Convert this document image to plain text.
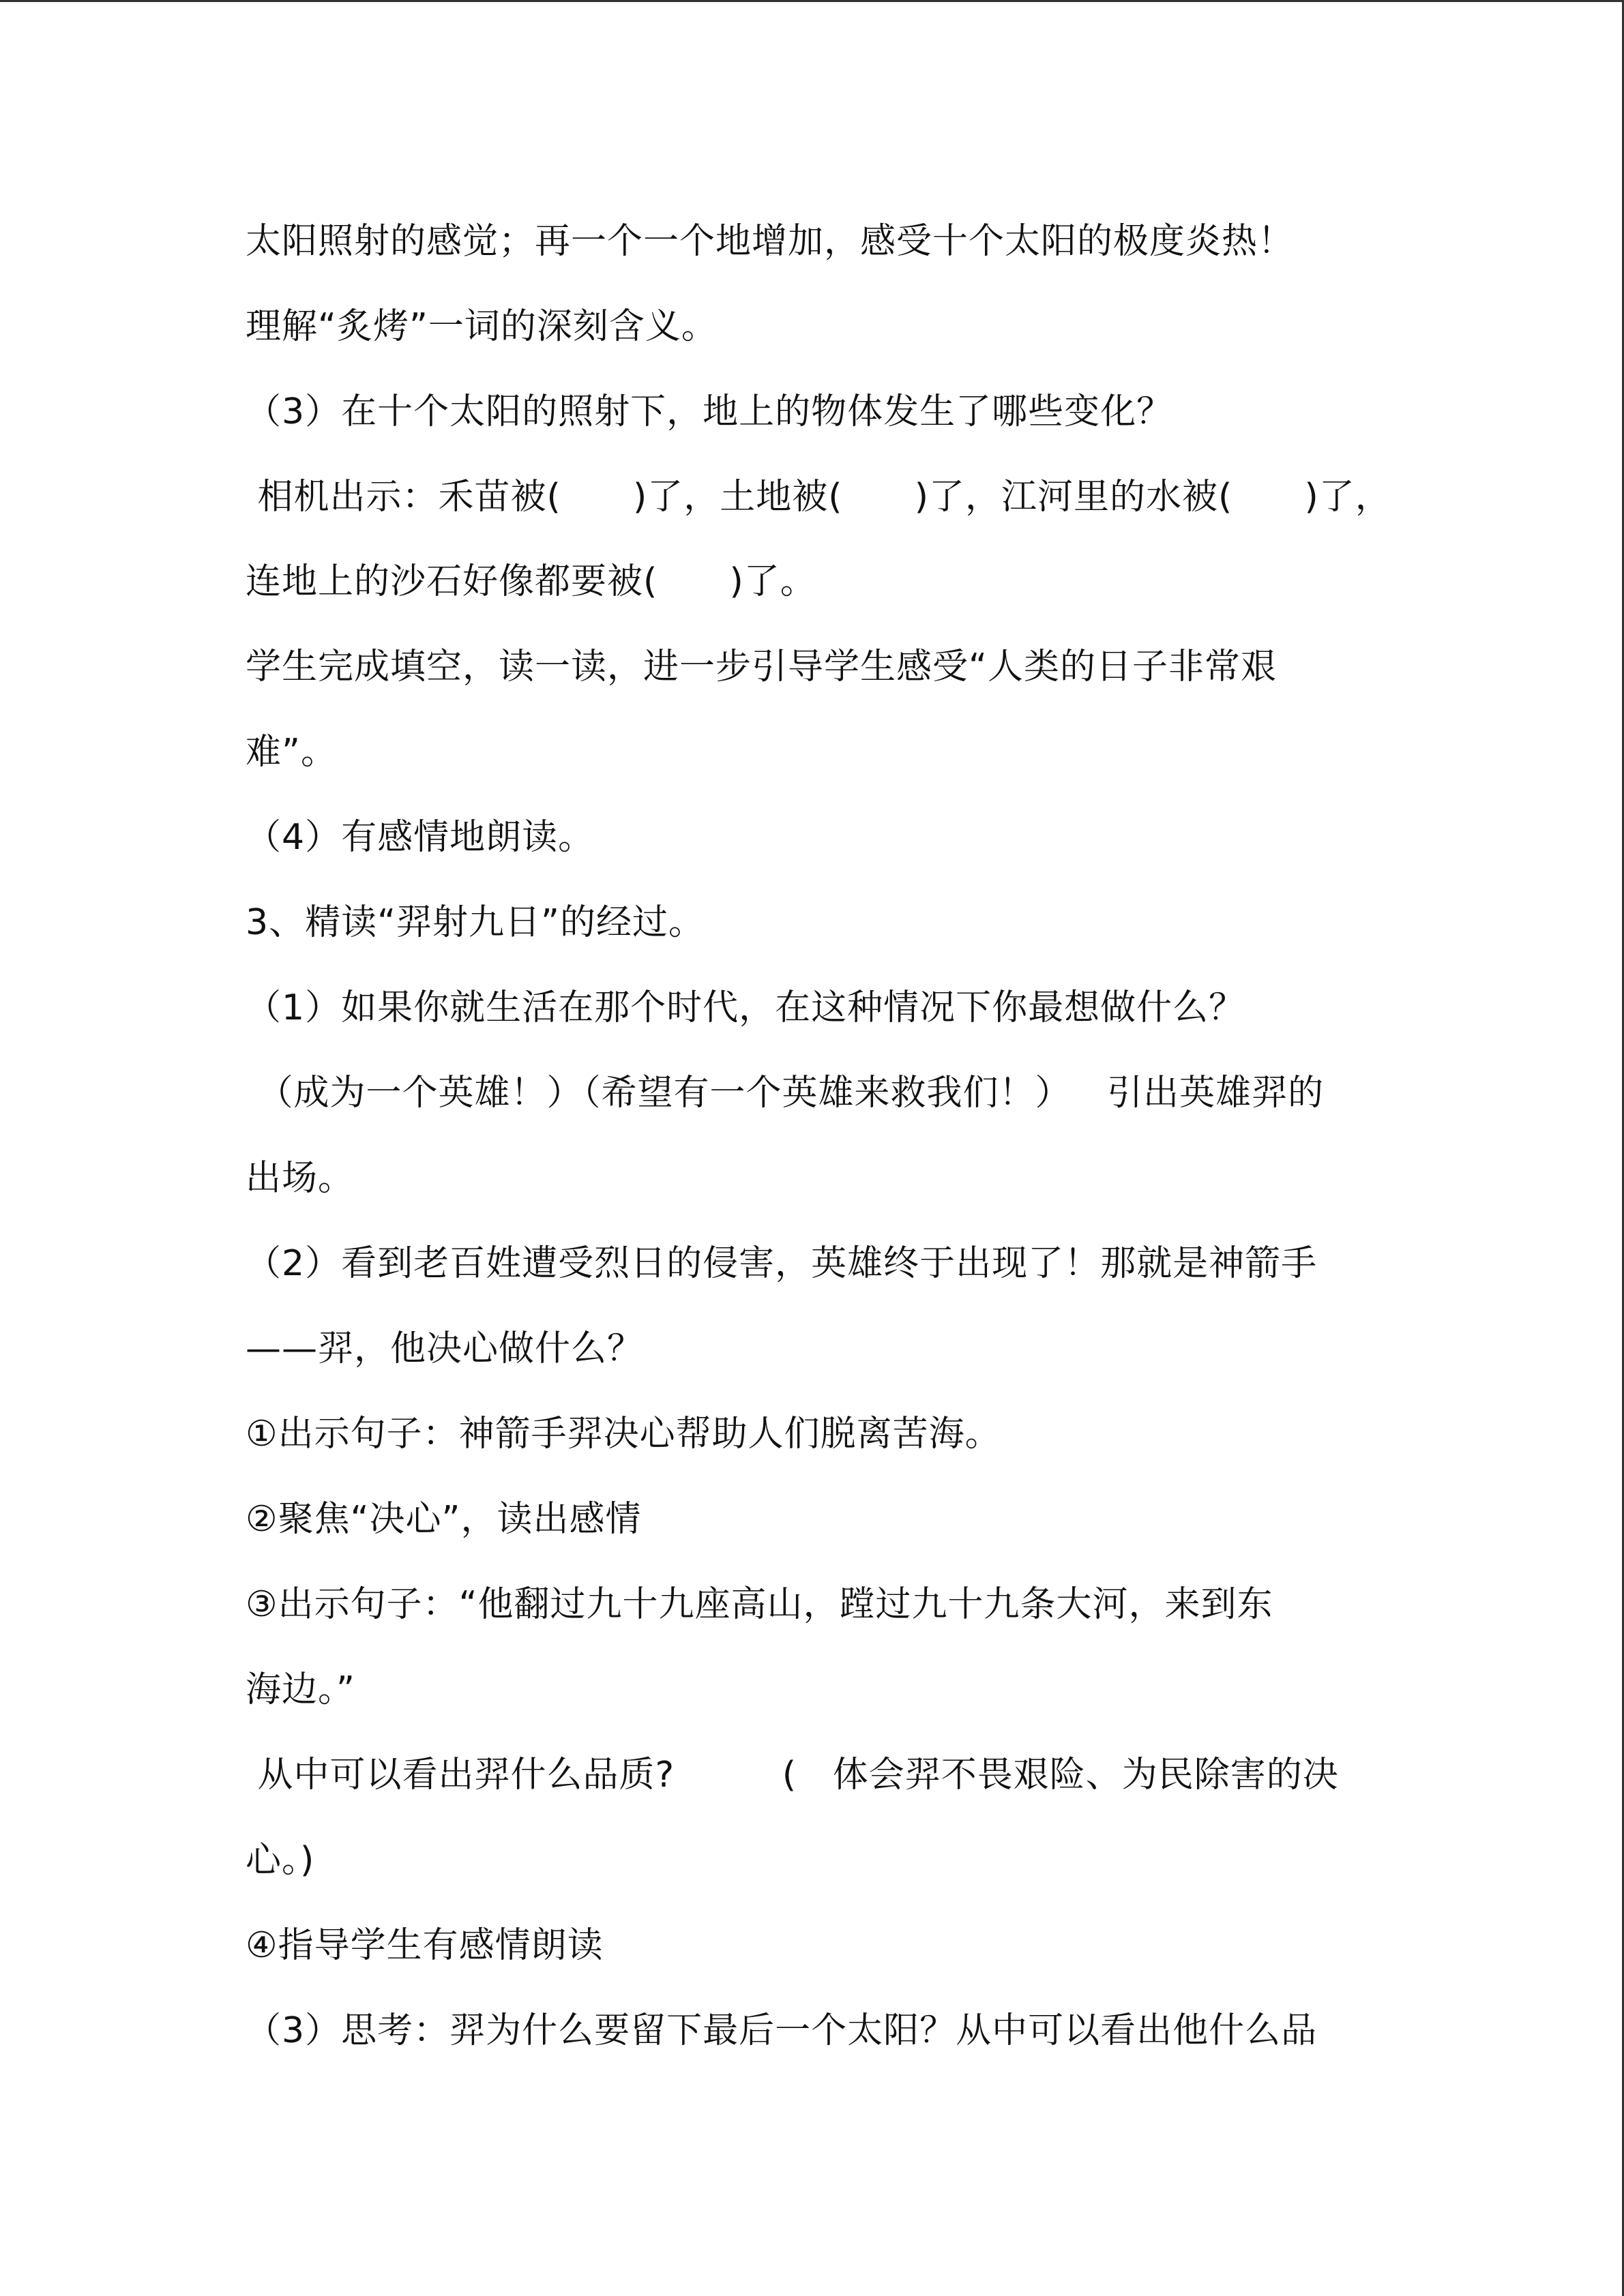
太阳照射的感觉；再一个一个地增加，感受十个太阳的极度炎热！
理解“炙烤”一词的深刻含义。
（3）在十个太阳的照射下，地上的物体发生了哪些变化？
相机出示：禾苗被(      )了，土地被(      )了，江河里的水被(      )了，
连地上的沙石好像都要被(      )了。
学生完成填空，读一读，进一步引导学生感受“人类的日子非常艰
难”。
（4）有感情地朗读。
3、精读“羿射九日”的经过。
（1）如果你就生活在那个时代，在这种情况下你最想做什么？
（成为一个英雄！）（希望有一个英雄来救我们！）   引出英雄羿的
出场。
（2）看到老百姓遭受烈日的侵害，英雄终于出现了！那就是神箭手
——羿，他决心做什么？
①出示句子：神箭手羿决心帮助人们脱离苦海。
②聚焦“决心”，读出感情
③出示句子：“他翻过九十九座高山，蹚过九十九条大河，来到东
海边。”
从中可以看出羿什么品质?         (   体会羿不畏艰险、为民除害的决
心。)
④指导学生有感情朗读
（3）思考：羿为什么要留下最后一个太阳？从中可以看出他什么品
